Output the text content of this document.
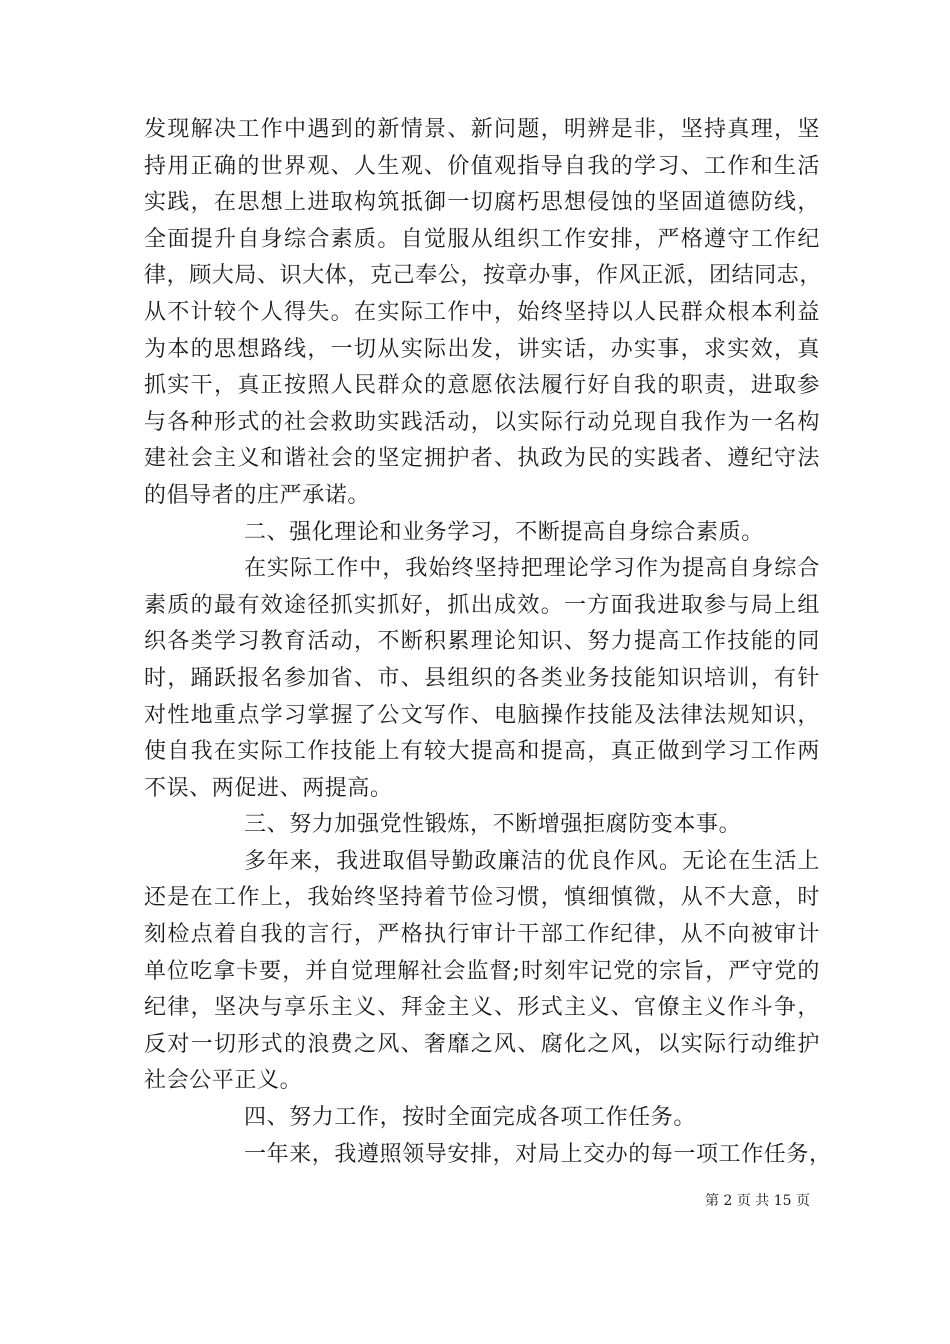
发现解决工作中遇到的新情景、新问题，明辨是非，坚持真理，坚
持用正确的世界观、人生观、价值观指导自我的学习、工作和生活
实践，在思想上进取构筑抵御一切腐朽思想侵蚀的坚固道德防线，
全面提升自身综合素质。自觉服从组织工作安排，严格遵守工作纪
律，顾大局、识大体，克己奉公，按章办事，作风正派，团结同志，
从不计较个人得失。在实际工作中，始终坚持以人民群众根本利益
为本的思想路线，一切从实际出发，讲实话，办实事，求实效，真
抓实干，真正按照人民群众的意愿依法履行好自我的职责，进取参
与各种形式的社会救助实践活动，以实际行动兑现自我作为一名构
建社会主义和谐社会的坚定拥护者、执政为民的实践者、遵纪守法
的倡导者的庄严承诺。
二、强化理论和业务学习，不断提高自身综合素质。
在实际工作中，我始终坚持把理论学习作为提高自身综合
素质的最有效途径抓实抓好，抓出成效。一方面我进取参与局上组
织各类学习教育活动，不断积累理论知识、努力提高工作技能的同
时，踊跃报名参加省、市、县组织的各类业务技能知识培训，有针
对性地重点学习掌握了公文写作、电脑操作技能及法律法规知识，
使自我在实际工作技能上有较大提高和提高，真正做到学习工作两
不误、两促进、两提高。
三、努力加强党性锻炼，不断增强拒腐防变本事。
多年来，我进取倡导勤政廉洁的优良作风。无论在生活上
还是在工作上，我始终坚持着节俭习惯，慎细慎微，从不大意，时
刻检点着自我的言行，严格执行审计干部工作纪律，从不向被审计
单位吃拿卡要，并自觉理解社会监督;时刻牢记党的宗旨，严守党的
纪律，坚决与享乐主义、拜金主义、形式主义、官僚主义作斗争，
反对一切形式的浪费之风、奢靡之风、腐化之风，以实际行动维护
社会公平正义。
四、努力工作，按时全面完成各项工作任务。
一年来，我遵照领导安排，对局上交办的每一项工作任务，
第 2 页 共 15 页
